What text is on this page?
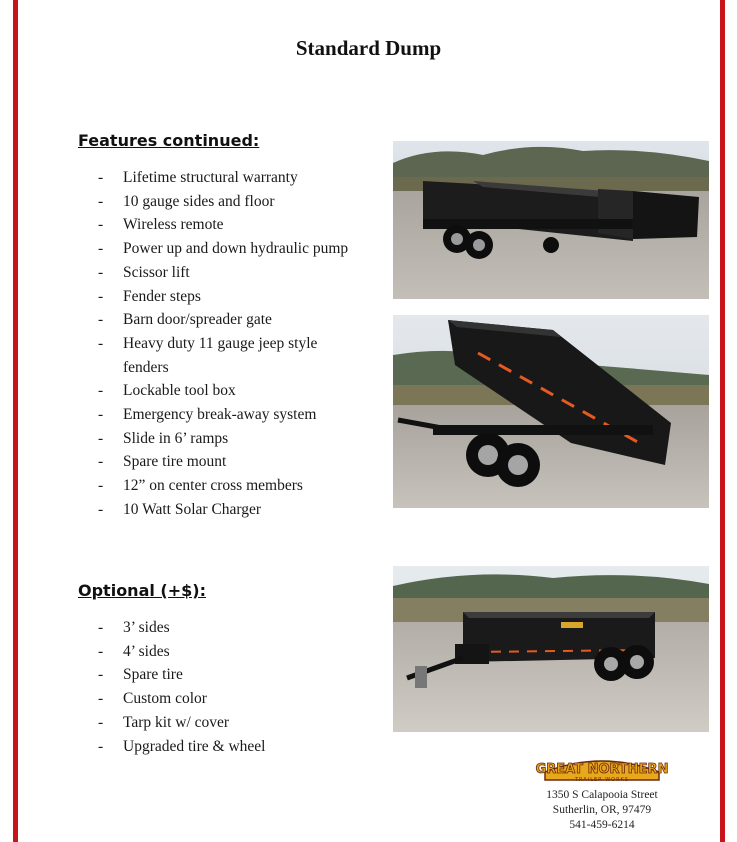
Standard Dump
Features continued:
- Lifetime structural warranty
- 10 gauge sides and floor
- Wireless remote
- Power up and down hydraulic pump
- Scissor lift
- Fender steps
- Barn door/spreader gate
- Heavy duty 11 gauge jeep style fenders
- Lockable tool box
- Emergency break-away system
- Slide in 6’ ramps
- Spare tire mount
- 12” on center cross members
- 10 Watt Solar Charger
Optional (+$):
- 3’ sides
- 4’ sides
- Spare tire
- Custom color
- Tarp kit w/ cover
- Upgraded tire & wheel
GREAT NORTHERN
TRAILER WORKS
1350 S Calapooia Street
Sutherlin, OR, 97479
541-459-6214
